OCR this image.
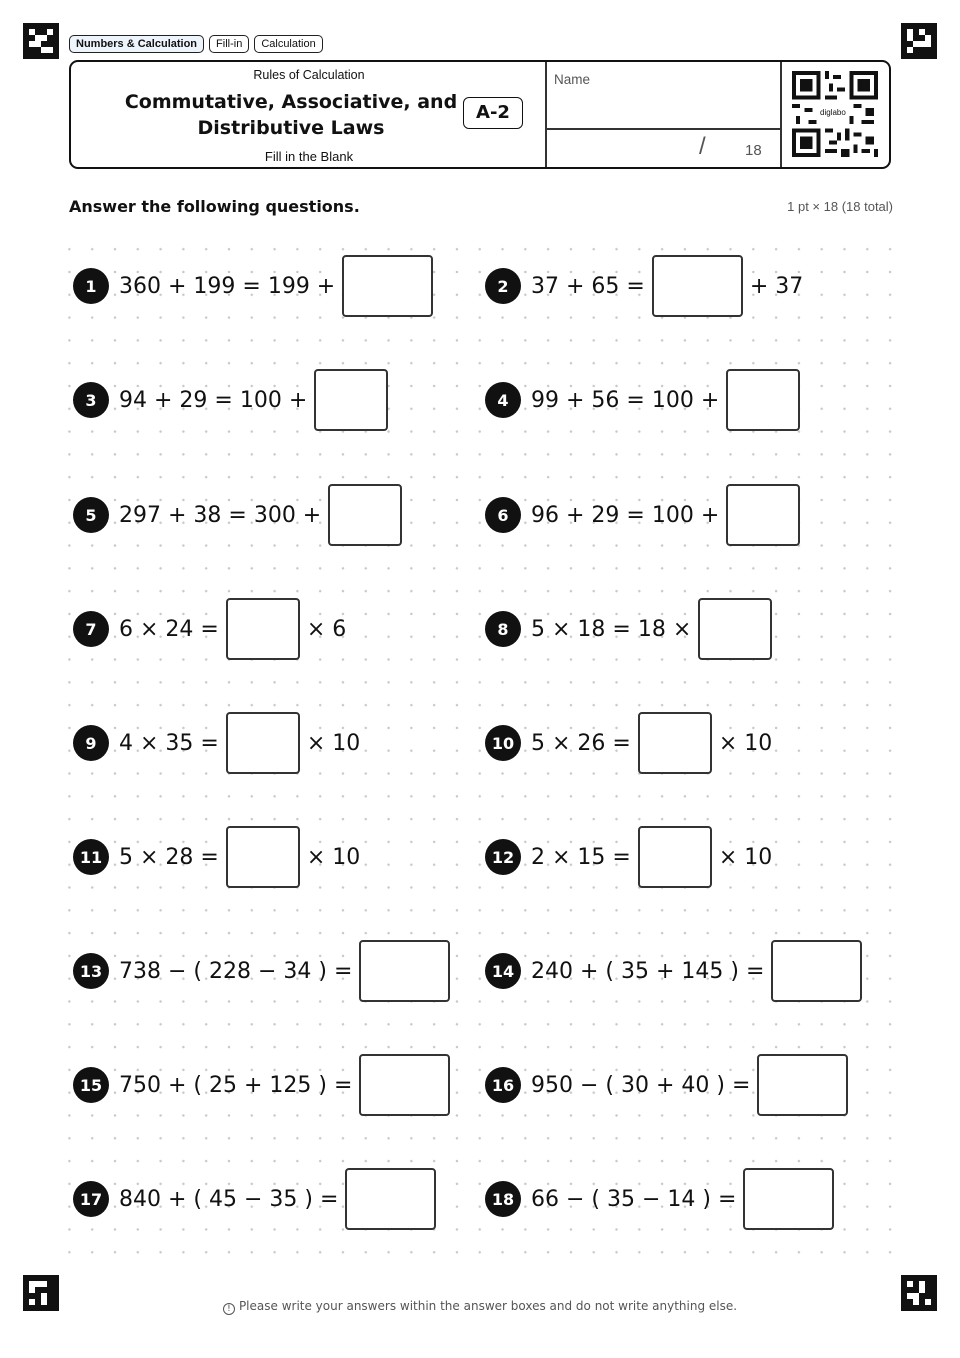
Numbers & Calculation	Fill-in	Calculation
Rules of Calculation
Commutative, Associative, and
Distributive Laws
Fill in the Blank
A-2
Name
/	18
diglabo
Answer the following questions.	1 pt × 18 (18 total)
1	360 + 199 = 199 +	2	37 + 65 =	+ 37
3	94 + 29 = 100 +	4	99 + 56 = 100 +
5	297 + 38 = 300 +	6	96 + 29 = 100 +
7	6 × 24 =	× 6	8	5 × 18 = 18 ×
9	4 × 35 =	× 10	10 5 × 26 =	× 10
11 5 × 28 =	× 10	12 2 × 15 =	× 10
13 738 − ( 228 − 34 ) =	14 240 + ( 35 + 145 ) =
15 750 + ( 25 + 125 ) =	16 950 − ( 30 + 40 ) =
17 840 + ( 45 − 35 ) =	18 66 − ( 35 − 14 ) =
! Please write your answers within the answer boxes and do not write anything else.
